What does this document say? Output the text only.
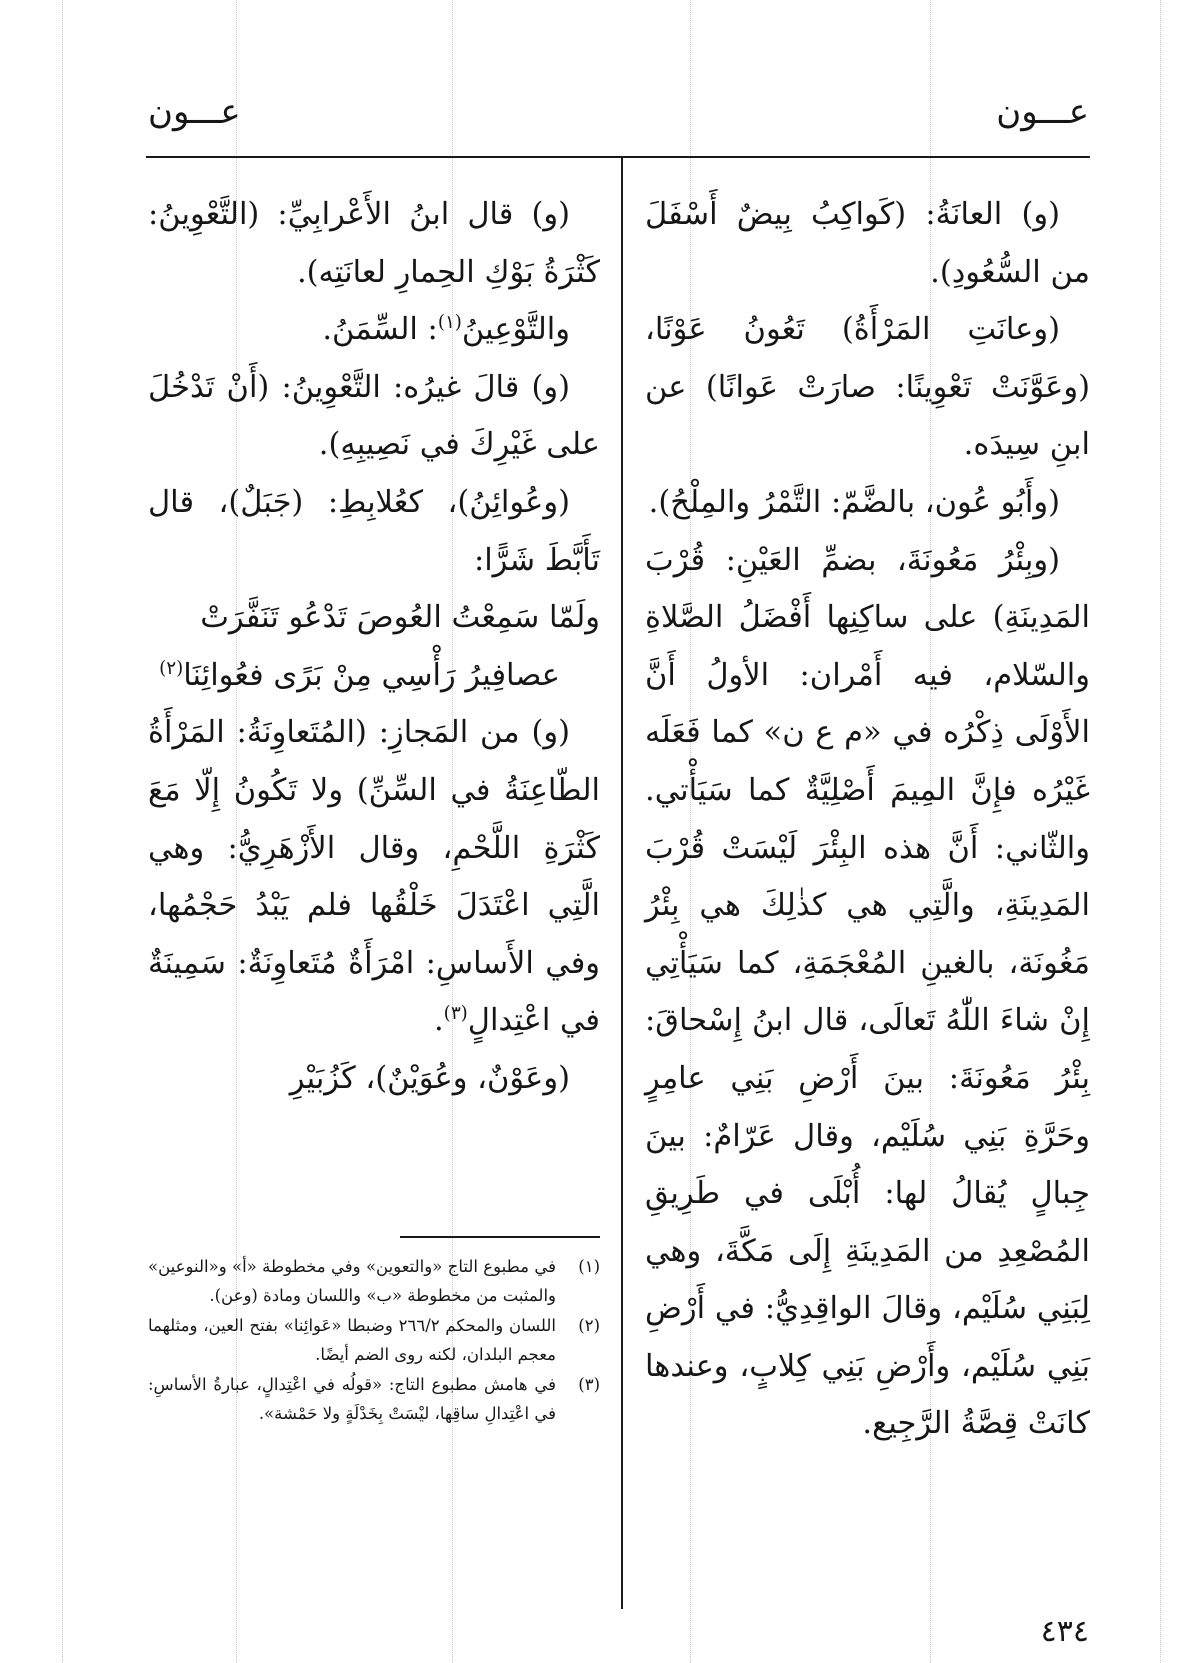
عـــون
عـــون

(و) العانَةُ: (كَواكِبُ بِيضٌ أَسْفَلَ من السُّعُودِ).

(وعانَتِ المَرْأَةُ) تَعُونُ عَوْنًا، (وعَوَّنَتْ تَعْوِينًا: صارَتْ عَوانًا) عن ابنِ سِيدَه.

(وأَبُو عُون، بالضَّمّ: التَّمْرُ والمِلْحُ).

(وبِئْرُ مَعُونَةَ، بضمِّ العَيْنِ: قُرْبَ المَدِينَةِ) على ساكِنِها أَفْضَلُ الصَّلاةِ والسّلام، فيه أَمْران: الأولُ أَنَّ الأَوْلَى ذِكْرُه في «م ع ن» كما فَعَلَه غَيْرُه فإِنَّ المِيمَ أَصْلِيَّةٌ كما سَيَأْتي. والثّاني: أَنَّ هذه البِئْرَ لَيْسَتْ قُرْبَ المَدِينَةِ، والَّتِي هي كذٰلِكَ هي بِئْرُ مَغُونَة، بالغينِ المُعْجَمَةِ، كما سَيَأْتِي إِنْ شاءَ اللّٰهُ تَعالَى، قال ابنُ إِسْحاقَ: بِئْرُ مَعُونَةَ: بينَ أَرْضِ بَنِي عامِرٍ وحَرَّةِ بَنِي سُلَيْم، وقال عَرّامٌ: بينَ جِبالٍ يُقالُ لها: أُبْلَى في طَرِيقِ المُصْعِدِ من المَدِينَةِ إِلَى مَكَّةَ، وهي لِبَنِي سُلَيْم، وقالَ الواقِدِيُّ: في أَرْضِ بَنِي سُلَيْم، وأَرْضِ بَنِي كِلابٍ، وعندها كانَتْ قِصَّةُ الرَّجِيع.

(و) قال ابنُ الأَعْرابِيِّ: (التَّعْوِينُ: كَثْرَةُ بَوْكِ الحِمارِ لعانَتِه).

والتَّوْعِينُ$^{(١)}$: السِّمَنُ.

(و) قالَ غيرُه: التَّعْوِينُ: (أَنْ تَدْخُلَ على غَيْرِكَ في نَصِيبِهِ).

(وعُوائِنُ)، كعُلابِطِ: (جَبَلٌ)، قال تَأَبَّطَ شَرًّا:

ولَمّا سَمِعْتُ العُوصَ تَدْعُو تَنَفَّرَتْ

عصافِيرُ رَأْسِي مِنْ بَرًى فعُوائِنَا$^{(٢)}$

(و) من المَجازِ: (المُتَعاوِنَةُ: المَرْأَةُ الطّاعِنَةُ في السِّنِّ) ولا تَكُونُ إِلّا مَعَ كَثْرَةِ اللَّحْمِ، وقال الأَزْهَرِيُّ: وهي الَّتِي اعْتَدَلَ خَلْقُها فلم يَبْدُ حَجْمُها، وفي الأَساسِ: امْرَأَةٌ مُتَعاوِنَةٌ: سَمِينَةٌ في اعْتِدالٍ$^{(٣)}$.

(وعَوْنٌ، وعُوَيْنٌ)، كَزُبَيْرِ

(١)
في مطبوع التاج «والتعوين» وفي مخطوطة «أ» و«النوعين» والمثبت من مخطوطة «ب» واللسان ومادة (وعن).

(٢)
اللسان والمحكم ٢٦٦/٢ وضبطا «عَوائِنا» بفتح العين، ومثلهما معجم البلدان، لكنه روى الضم أيضًا.

(٣)
في هامش مطبوع التاج: «قولُه في اعْتِدالٍ، عبارةُ الأساسِ: في اعْتِدالِ ساقِها، ليْسَتْ بِخَدْلَةٍ ولا حَمْشة».

٤٣٤
